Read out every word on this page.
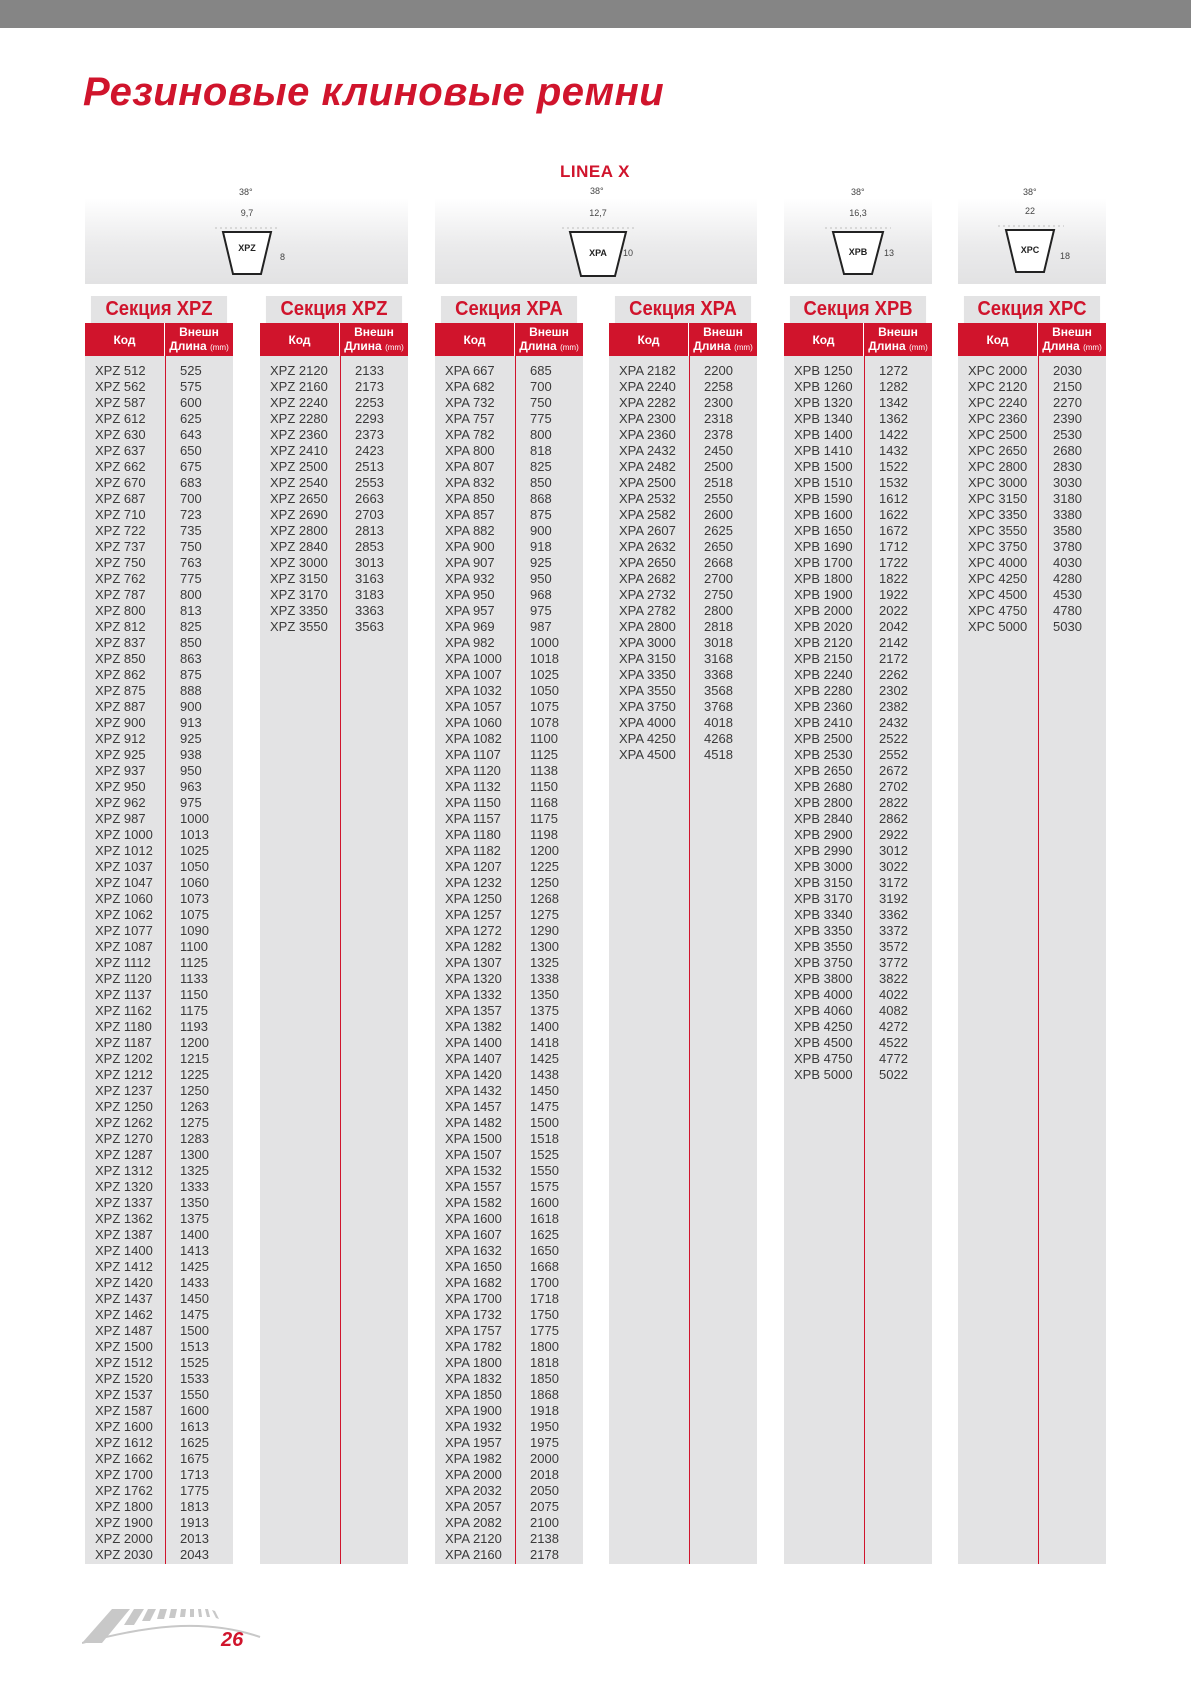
Резиновые клиновые ремни
LINEA X
9,7
XPZ
8
12,7
XPA 10
16,3
XPB 13
22
XPC
18
38°	38°	38°	38°
Секция XPZ
Код
Внешн
Длина (mm)
XPZ 512	525
XPZ 562	575
XPZ 587	600
XPZ 612	625
XPZ 630	643
XPZ 637	650
XPZ 662	675
XPZ 670	683
XPZ 687	700
XPZ 710	723
XPZ 722	735
XPZ 737	750
XPZ 750	763
XPZ 762	775
XPZ 787	800
XPZ 800	813
XPZ 812	825
XPZ 837	850
XPZ 850	863
XPZ 862	875
XPZ 875	888
XPZ 887	900
XPZ 900	913
XPZ 912	925
XPZ 925	938
XPZ 937	950
XPZ 950	963
XPZ 962	975
XPZ 987	1000
XPZ 1000	1013
XPZ 1012	1025
XPZ 1037	1050
XPZ 1047	1060
XPZ 1060	1073
XPZ 1062	1075
XPZ 1077	1090
XPZ 1087	1100
XPZ 1112	1125
XPZ 1120	1133
XPZ 1137	1150
XPZ 1162	1175
XPZ 1180	1193
XPZ 1187	1200
XPZ 1202	1215
XPZ 1212	1225
XPZ 1237	1250
XPZ 1250	1263
XPZ 1262	1275
XPZ 1270	1283
XPZ 1287	1300
XPZ 1312	1325
XPZ 1320	1333
XPZ 1337	1350
XPZ 1362	1375
XPZ 1387	1400
XPZ 1400	1413
XPZ 1412	1425
XPZ 1420	1433
XPZ 1437	1450
XPZ 1462	1475
XPZ 1487	1500
XPZ 1500	1513
XPZ 1512	1525
XPZ 1520	1533
XPZ 1537	1550
XPZ 1587	1600
XPZ 1600	1613
XPZ 1612	1625
XPZ 1662	1675
XPZ 1700	1713
XPZ 1762	1775
XPZ 1800	1813
XPZ 1900	1913
XPZ 2000	2013
XPZ 2030	2043
Секция XPZ
Код
Внешн
Длина (mm)
XPZ 2120	2133
XPZ 2160	2173
XPZ 2240	2253
XPZ 2280	2293
XPZ 2360	2373
XPZ 2410	2423
XPZ 2500	2513
XPZ 2540	2553
XPZ 2650	2663
XPZ 2690	2703
XPZ 2800	2813
XPZ 2840	2853
XPZ 3000	3013
XPZ 3150	3163
XPZ 3170	3183
XPZ 3350	3363
XPZ 3550	3563
Секция XPA
Код
Внешн
Длина (mm)
XPA 667	685
XPA 682	700
XPA 732	750
XPA 757	775
XPA 782	800
XPA 800	818
XPA 807	825
XPA 832	850
XPA 850	868
XPA 857	875
XPA 882	900
XPA 900	918
XPA 907	925
XPA 932	950
XPA 950	968
XPA 957	975
XPA 969	987
XPA 982	1000
XPA 1000	1018
XPA 1007	1025
XPA 1032	1050
XPA 1057	1075
XPA 1060	1078
XPA 1082	1100
XPA 1107	1125
XPA 1120	1138
XPA 1132	1150
XPA 1150	1168
XPA 1157	1175
XPA 1180	1198
XPA 1182	1200
XPA 1207	1225
XPA 1232	1250
XPA 1250	1268
XPA 1257	1275
XPA 1272	1290
XPA 1282	1300
XPA 1307	1325
XPA 1320	1338
XPA 1332	1350
XPA 1357	1375
XPA 1382	1400
XPA 1400	1418
XPA 1407	1425
XPA 1420	1438
XPA 1432	1450
XPA 1457	1475
XPA 1482	1500
XPA 1500	1518
XPA 1507	1525
XPA 1532	1550
XPA 1557	1575
XPA 1582	1600
XPA 1600	1618
XPA 1607	1625
XPA 1632	1650
XPA 1650	1668
XPA 1682	1700
XPA 1700	1718
XPA 1732	1750
XPA 1757	1775
XPA 1782	1800
XPA 1800	1818
XPA 1832	1850
XPA 1850	1868
XPA 1900	1918
XPA 1932	1950
XPA 1957	1975
XPA 1982	2000
XPA 2000	2018
XPA 2032	2050
XPA 2057	2075
XPA 2082	2100
XPA 2120	2138
XPA 2160	2178
Секция XPA
Код
Внешн
Длина (mm)
XPA 2182	2200
XPA 2240	2258
XPA 2282	2300
XPA 2300	2318
XPA 2360	2378
XPA 2432	2450
XPA 2482	2500
XPA 2500	2518
XPA 2532	2550
XPA 2582	2600
XPA 2607	2625
XPA 2632	2650
XPA 2650	2668
XPA 2682	2700
XPA 2732	2750
XPA 2782	2800
XPA 2800	2818
XPA 3000	3018
XPA 3150	3168
XPA 3350	3368
XPA 3550	3568
XPA 3750	3768
XPA 4000	4018
XPA 4250	4268
XPA 4500	4518
Секция XPB
Код
Внешн
Длина (mm)
XPB 1250	1272
XPB 1260	1282
XPB 1320	1342
XPB 1340	1362
XPB 1400	1422
XPB 1410	1432
XPB 1500	1522
XPB 1510	1532
XPB 1590	1612
XPB 1600	1622
XPB 1650	1672
XPB 1690	1712
XPB 1700	1722
XPB 1800	1822
XPB 1900	1922
XPB 2000	2022
XPB 2020	2042
XPB 2120	2142
XPB 2150	2172
XPB 2240	2262
XPB 2280	2302
XPB 2360	2382
XPB 2410	2432
XPB 2500	2522
XPB 2530	2552
XPB 2650	2672
XPB 2680	2702
XPB 2800	2822
XPB 2840	2862
XPB 2900	2922
XPB 2990	3012
XPB 3000	3022
XPB 3150	3172
XPB 3170	3192
XPB 3340	3362
XPB 3350	3372
XPB 3550	3572
XPB 3750	3772
XPB 3800	3822
XPB 4000	4022
XPB 4060	4082
XPB 4250	4272
XPB 4500	4522
XPB 4750	4772
XPB 5000	5022
Секция XPC
Код
Внешн
Длина (mm)
XPC 2000	2030
XPC 2120	2150
XPC 2240	2270
XPC 2360	2390
XPC 2500	2530
XPC 2650	2680
XPC 2800	2830
XPC 3000	3030
XPC 3150	3180
XPC 3350	3380
XPC 3550	3580
XPC 3750	3780
XPC 4000	4030
XPC 4250	4280
XPC 4500	4530
XPC 4750	4780
XPC 5000	5030
26
